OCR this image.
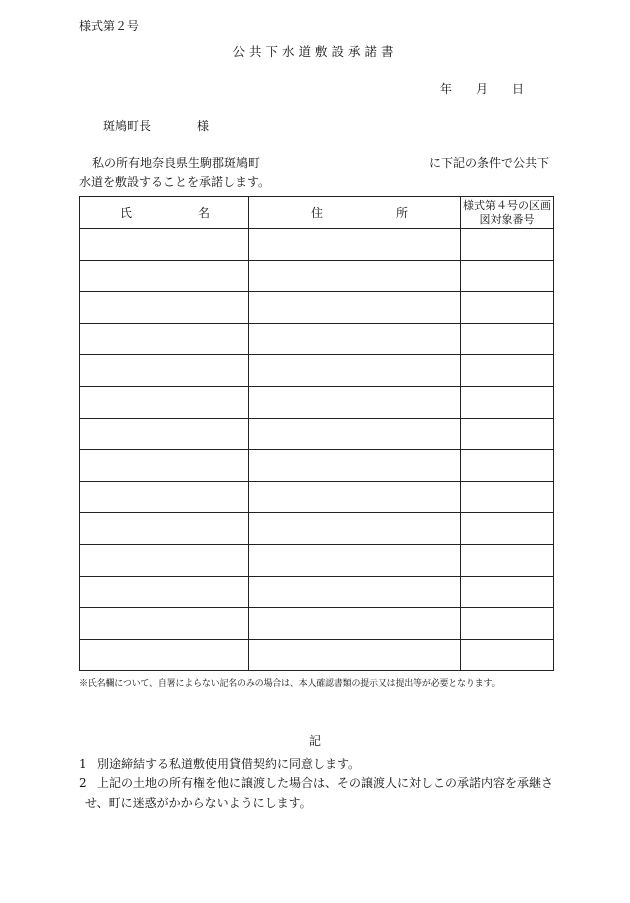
様式第２号
公共下水道敷設承諾書
年 月 日
斑鳩町長	様
私の所有地奈良県生駒郡斑鳩町	に下記の条件で公共下
水道を敷設することを承諾します。
氏 名	住 所	様式第４号の区画図対象番号

※氏名欄について、自署によらない記名のみの場合は、本人確認書類の提示又は提出等が必要となります。
記
1 別途締結する私道敷使用貸借契約に同意します。
2 上記の土地の所有権を他に譲渡した場合は、その譲渡人に対しこの承諾内容を承継さ
せ、町に迷惑がかからないようにします。
